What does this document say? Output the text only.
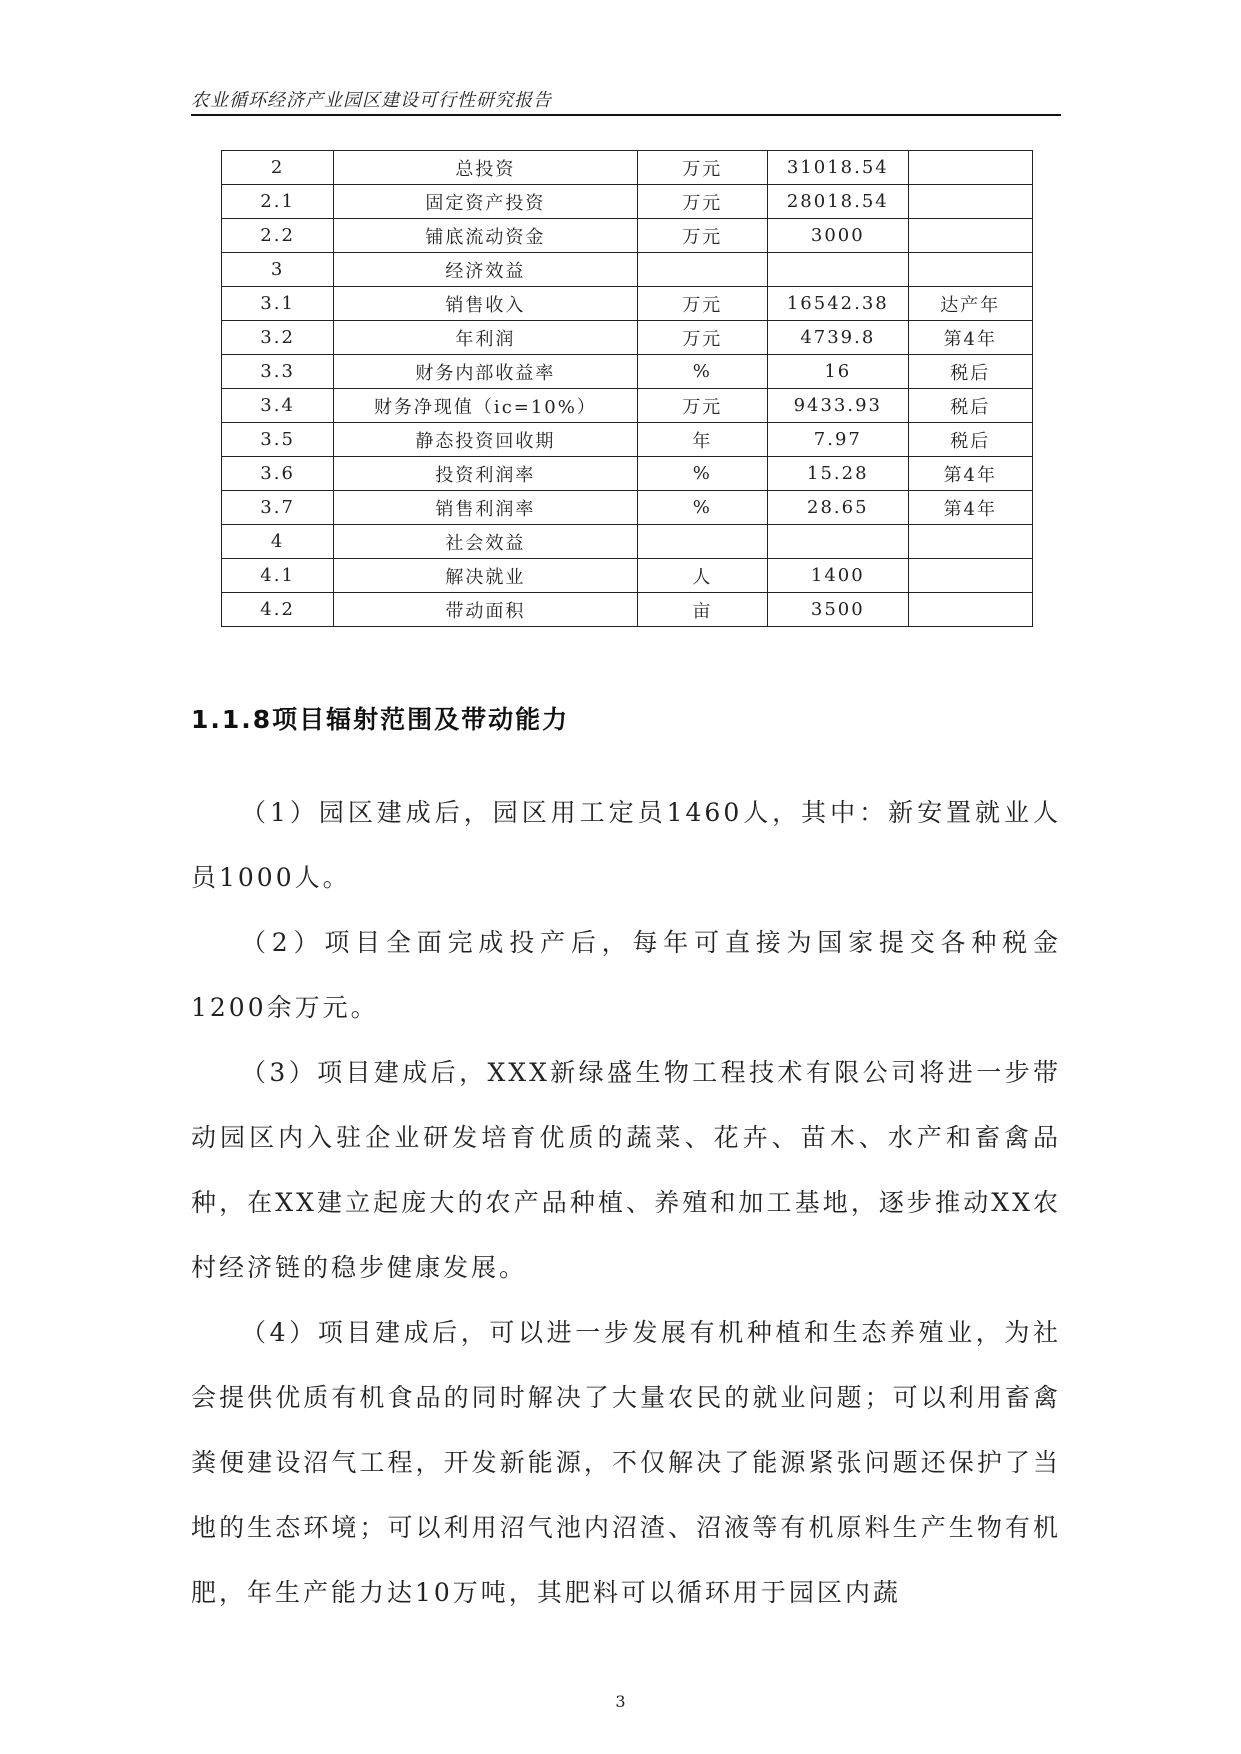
农业循环经济产业园区建设可行性研究报告
2	总投资	万元	31018.54	
2.1	固定资产投资	万元	28018.54	
2.2	铺底流动资金	万元	3000	
3	经济效益			
3.1	销售收入	万元	16542.38	达产年
3.2	年利润	万元	4739.8	第4年
3.3	财务内部收益率	%	16	税后
3.4	财务净现值（ic=10%）	万元	9433.93	税后
3.5	静态投资回收期	年	7.97	税后
3.6	投资利润率	%	15.28	第4年
3.7	销售利润率	%	28.65	第4年
4	社会效益			
4.1	解决就业	人	1400	
4.2	带动面积	亩	3500	
1.1.8项目辐射范围及带动能力

（1）园区建成后，园区用工定员1460人，其中：新安置就业人员1000人。

（2）项目全面完成投产后，每年可直接为国家提交各种税金1200余万元。

（3）项目建成后，XXX新绿盛生物工程技术有限公司将进一步带动园区内入驻企业研发培育优质的蔬菜、花卉、苗木、水产和畜禽品种，在XX建立起庞大的农产品种植、养殖和加工基地，逐步推动XX农村经济链的稳步健康发展。

（4）项目建成后，可以进一步发展有机种植和生态养殖业，为社会提供优质有机食品的同时解决了大量农民的就业问题；可以利用畜禽粪便建设沼气工程，开发新能源，不仅解决了能源紧张问题还保护了当地的生态环境；可以利用沼气池内沼渣、沼液等有机原料生产生物有机肥，年生产能力达10万吨，其肥料可以循环用于园区内蔬

3
